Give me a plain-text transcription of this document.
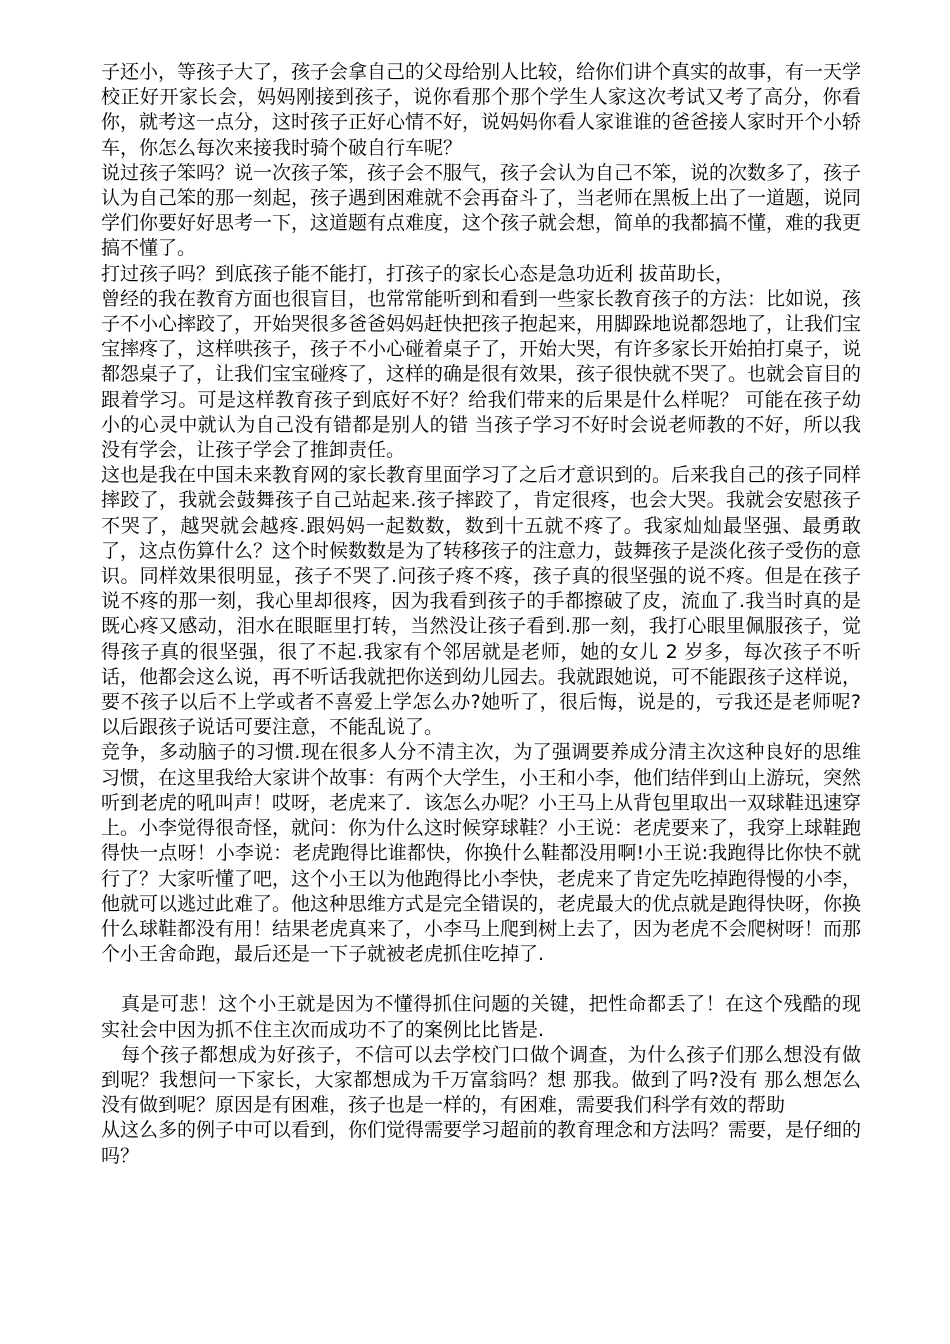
子还小，等孩子大了，孩子会拿自己的父母给别人比较，给你们讲个真实的故事，有一天学校正好开家长会，妈妈刚接到孩子，说你看那个那个学生人家这次考试又考了高分，你看你，就考这一点分，这时孩子正好心情不好，说妈妈你看人家谁谁的爸爸接人家时开个小轿车，你怎么每次来接我时骑个破自行车呢？

说过孩子笨吗？说一次孩子笨，孩子会不服气，孩子会认为自己不笨，说的次数多了，孩子认为自己笨的那一刻起，孩子遇到困难就不会再奋斗了，当老师在黑板上出了一道题，说同学们你要好好思考一下，这道题有点难度，这个孩子就会想，简单的我都搞不懂，难的我更搞不懂了。

打过孩子吗？到底孩子能不能打，打孩子的家长心态是急功近利 拔苗助长，

曾经的我在教育方面也很盲目，也常常能听到和看到一些家长教育孩子的方法：比如说，孩子不小心摔跤了，开始哭很多爸爸妈妈赶快把孩子抱起来，用脚跺地说都怨地了，让我们宝宝摔疼了，这样哄孩子，孩子不小心碰着桌子了，开始大哭，有许多家长开始拍打桌子，说都怨桌子了，让我们宝宝碰疼了，这样的确是很有效果，孩子很快就不哭了。也就会盲目的跟着学习。可是这样教育孩子到底好不好？给我们带来的后果是什么样呢？ 可能在孩子幼小的心灵中就认为自己没有错都是别人的错 当孩子学习不好时会说老师教的不好，所以我没有学会，让孩子学会了推卸责任。

这也是我在中国未来教育网的家长教育里面学习了之后才意识到的。后来我自己的孩子同样摔跤了，我就会鼓舞孩子自己站起来.孩子摔跤了，肯定很疼，也会大哭。我就会安慰孩子不哭了，越哭就会越疼.跟妈妈一起数数，数到十五就不疼了。我家灿灿最坚强、最勇敢了，这点伤算什么？这个时候数数是为了转移孩子的注意力，鼓舞孩子是淡化孩子受伤的意识。同样效果很明显，孩子不哭了.问孩子疼不疼，孩子真的很坚强的说不疼。但是在孩子说不疼的那一刻，我心里却很疼，因为我看到孩子的手都擦破了皮，流血了.我当时真的是既心疼又感动，泪水在眼眶里打转，当然没让孩子看到.那一刻，我打心眼里佩服孩子，觉得孩子真的很坚强，很了不起.我家有个邻居就是老师，她的女儿 2 岁多，每次孩子不听话，他都会这么说，再不听话我就把你送到幼儿园去。我就跟她说，可不能跟孩子这样说，要不孩子以后不上学或者不喜爱上学怎么办?她听了，很后悔，说是的，亏我还是老师呢?以后跟孩子说话可要注意，不能乱说了。

竞争，多动脑子的习惯.现在很多人分不清主次，为了强调要养成分清主次这种良好的思维习惯，在这里我给大家讲个故事：有两个大学生，小王和小李，他们结伴到山上游玩，突然听到老虎的吼叫声！哎呀，老虎来了．该怎么办呢？小王马上从背包里取出一双球鞋迅速穿上。小李觉得很奇怪，就问：你为什么这时候穿球鞋？小王说：老虎要来了，我穿上球鞋跑得快一点呀！小李说：老虎跑得比谁都快，你换什么鞋都没用啊!小王说:我跑得比你快不就行了？大家听懂了吧，这个小王以为他跑得比小李快，老虎来了肯定先吃掉跑得慢的小李，他就可以逃过此难了。他这种思维方式是完全错误的，老虎最大的优点就是跑得快呀，你换什么球鞋都没有用！结果老虎真来了，小李马上爬到树上去了，因为老虎不会爬树呀！而那个小王舍命跑，最后还是一下子就被老虎抓住吃掉了.

真是可悲！这个小王就是因为不懂得抓住问题的关键，把性命都丢了！在这个残酷的现实社会中因为抓不住主次而成功不了的案例比比皆是.

每个孩子都想成为好孩子，不信可以去学校门口做个调查，为什么孩子们那么想没有做到呢？我想问一下家长，大家都想成为千万富翁吗？想 那我。做到了吗?没有 那么想怎么没有做到呢？原因是有困难，孩子也是一样的，有困难，需要我们科学有效的帮助

从这么多的例子中可以看到，你们觉得需要学习超前的教育理念和方法吗？需要，是仔细的吗？
